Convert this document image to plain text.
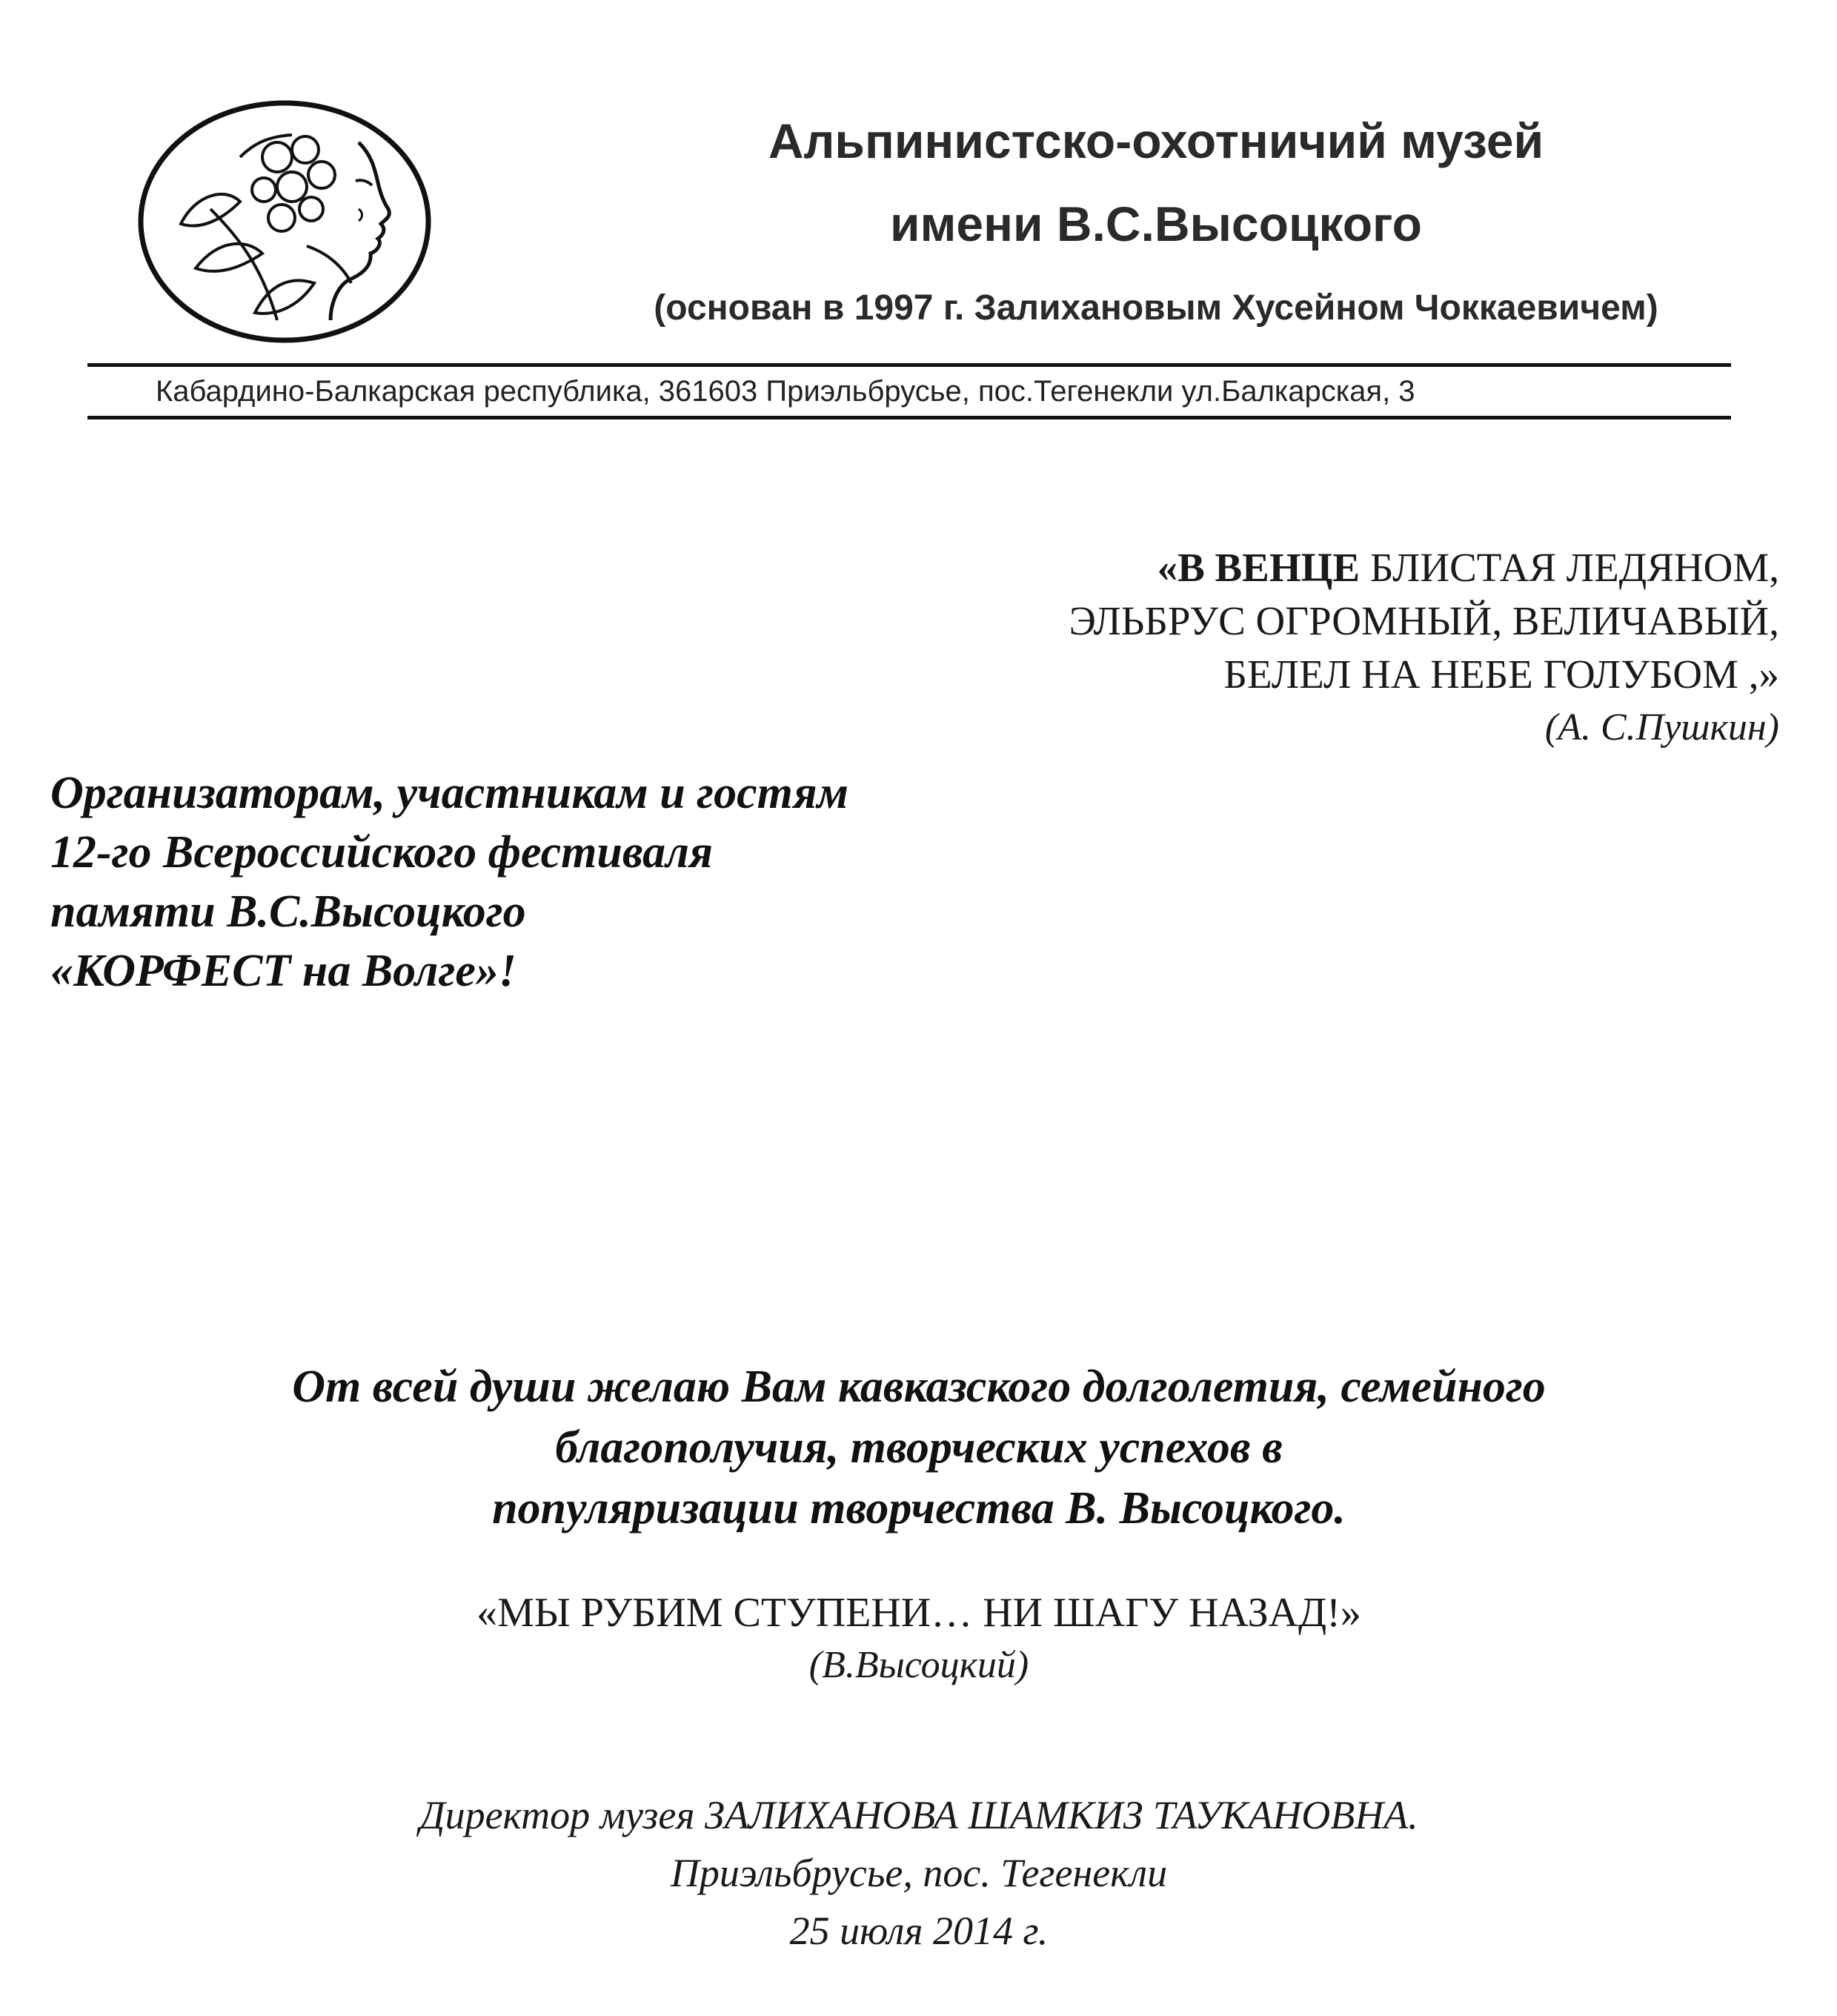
Альпинистско-охотничий музей
имени В.С.Высоцкого
(основан в 1997 г. Залихановым Хусейном Чоккаевичем)
Кабардино-Балкарская республика, 361603 Приэльбрусье, пос.Тегенекли ул.Балкарская, 3
«В ВЕНЦЕ БЛИСТАЯ ЛЕДЯНОМ,
ЭЛЬБРУС ОГРОМНЫЙ, ВЕЛИЧАВЫЙ,
БЕЛЕЛ НА НЕБЕ ГОЛУБОМ ,»
(А. С.Пушкин)
Организаторам, участникам и гостям
12-го Всероссийского фестиваля
памяти В.С.Высоцкого
«КОРФЕСТ на Волге»!
От всей души желаю Вам кавказского долголетия, семейного
благополучия, творческих успехов в
популяризации творчества В. Высоцкого.
«МЫ РУБИМ СТУПЕНИ… НИ ШАГУ НАЗАД!»
(В.Высоцкий)
Директор музея ЗАЛИХАНОВА ШАМКИЗ ТАУКАНОВНА.
Приэльбрусье, пос. Тегенекли
25 июля 2014 г.
